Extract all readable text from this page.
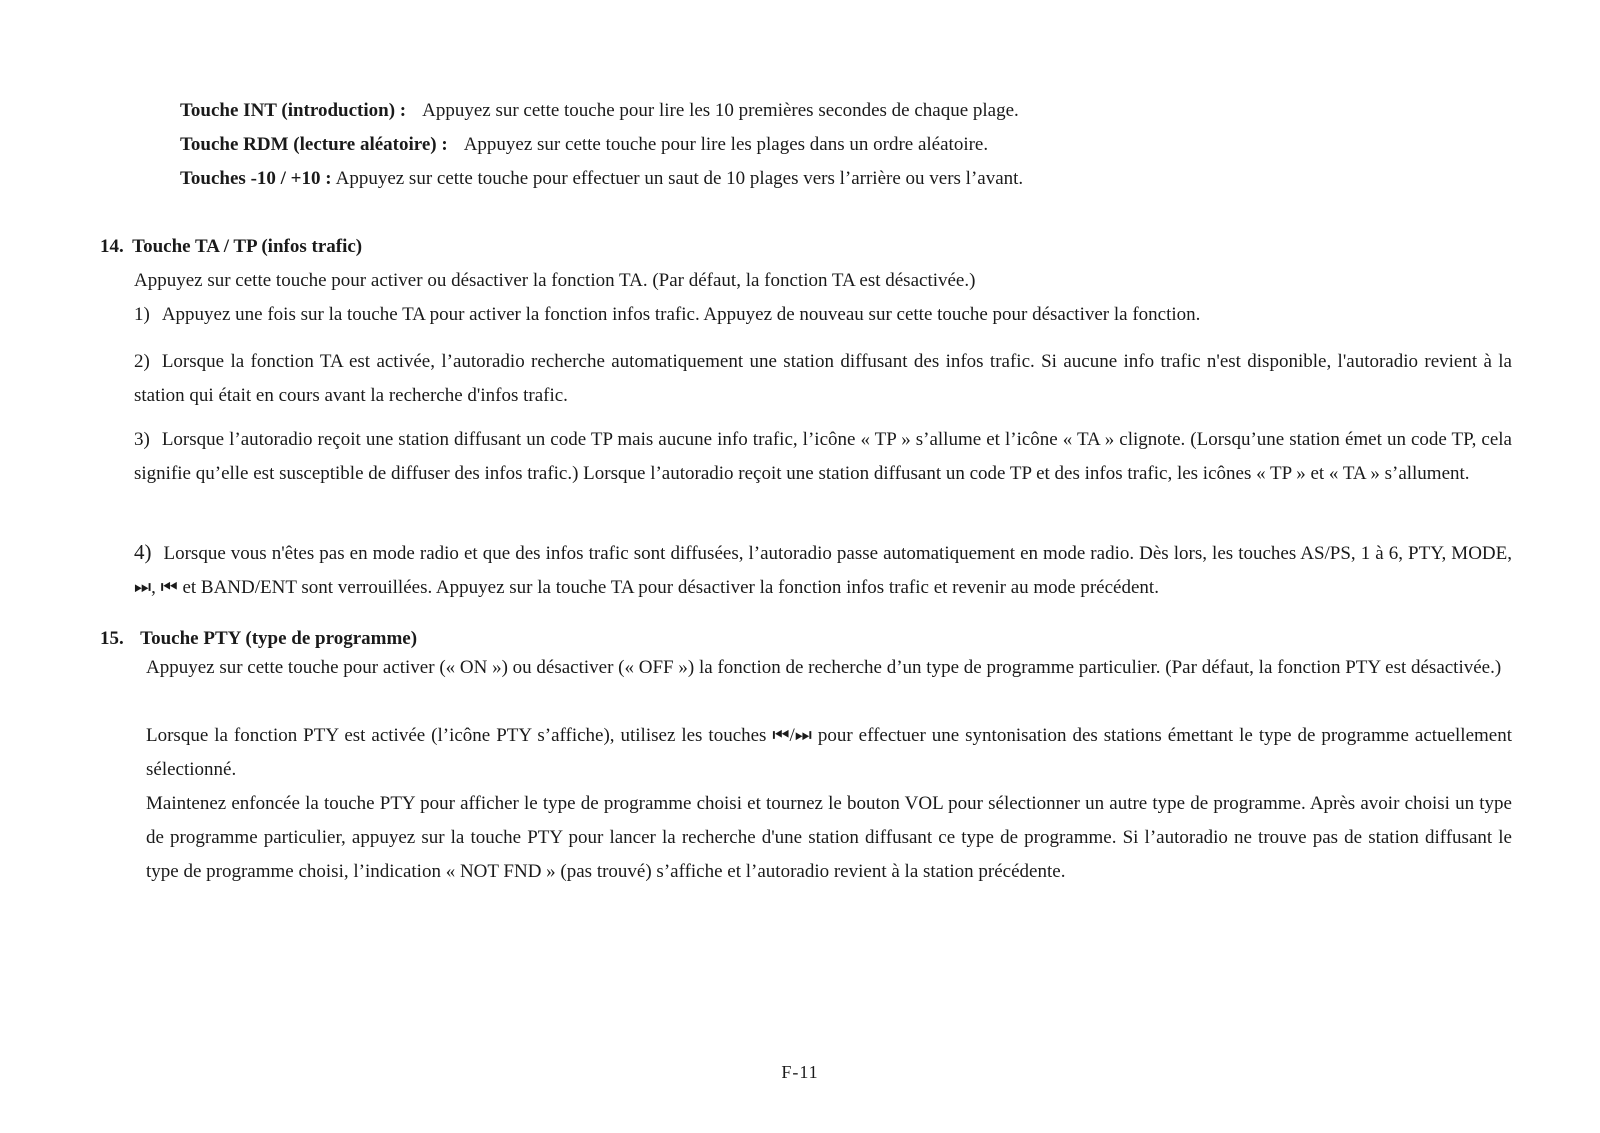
Touche INT (introduction) : Appuyez sur cette touche pour lire les 10 premières secondes de chaque plage.
Touche RDM (lecture aléatoire) : Appuyez sur cette touche pour lire les plages dans un ordre aléatoire.
Touches -10 / +10 : Appuyez sur cette touche pour effectuer un saut de 10 plages vers l’arrière ou vers l’avant.
14. Touche TA / TP (infos trafic)
Appuyez sur cette touche pour activer ou désactiver la fonction TA. (Par défaut, la fonction TA est désactivée.)
1) Appuyez une fois sur la touche TA pour activer la fonction infos trafic. Appuyez de nouveau sur cette touche pour désactiver la fonction.
2) Lorsque la fonction TA est activée, l’autoradio recherche automatiquement une station diffusant des infos trafic. Si aucune info trafic n'est disponible, l'autoradio revient à la station qui était en cours avant la recherche d'infos trafic.
3) Lorsque l’autoradio reçoit une station diffusant un code TP mais aucune info trafic, l’icône « TP » s’allume et l’icône « TA » clignote. (Lorsqu’une station émet un code TP, cela signifie qu’elle est susceptible de diffuser des infos trafic.) Lorsque l’autoradio reçoit une station diffusant un code TP et des infos trafic, les icônes « TP » et « TA » s’allument.
4) Lorsque vous n'êtes pas en mode radio et que des infos trafic sont diffusées, l’autoradio passe automatiquement en mode radio. Dès lors, les touches AS/PS, 1 à 6, PTY, MODE, ⏭, ⏮ et BAND/ENT sont verrouillées. Appuyez sur la touche TA pour désactiver la fonction infos trafic et revenir au mode précédent.
15. Touche PTY (type de programme)
Appuyez sur cette touche pour activer (« ON ») ou désactiver (« OFF ») la fonction de recherche d’un type de programme particulier. (Par défaut, la fonction PTY est désactivée.)
Lorsque la fonction PTY est activée (l’icône PTY s’affiche), utilisez les touches ⏮/⏭ pour effectuer une syntonisation des stations émettant le type de programme actuellement sélectionné.
Maintenez enfoncée la touche PTY pour afficher le type de programme choisi et tournez le bouton VOL pour sélectionner un autre type de programme. Après avoir choisi un type de programme particulier, appuyez sur la touche PTY pour lancer la recherche d'une station diffusant ce type de programme. Si l’autoradio ne trouve pas de station diffusant le type de programme choisi, l’indication « NOT FND » (pas trouvé) s’affiche et l’autoradio revient à la station précédente.
F-11
